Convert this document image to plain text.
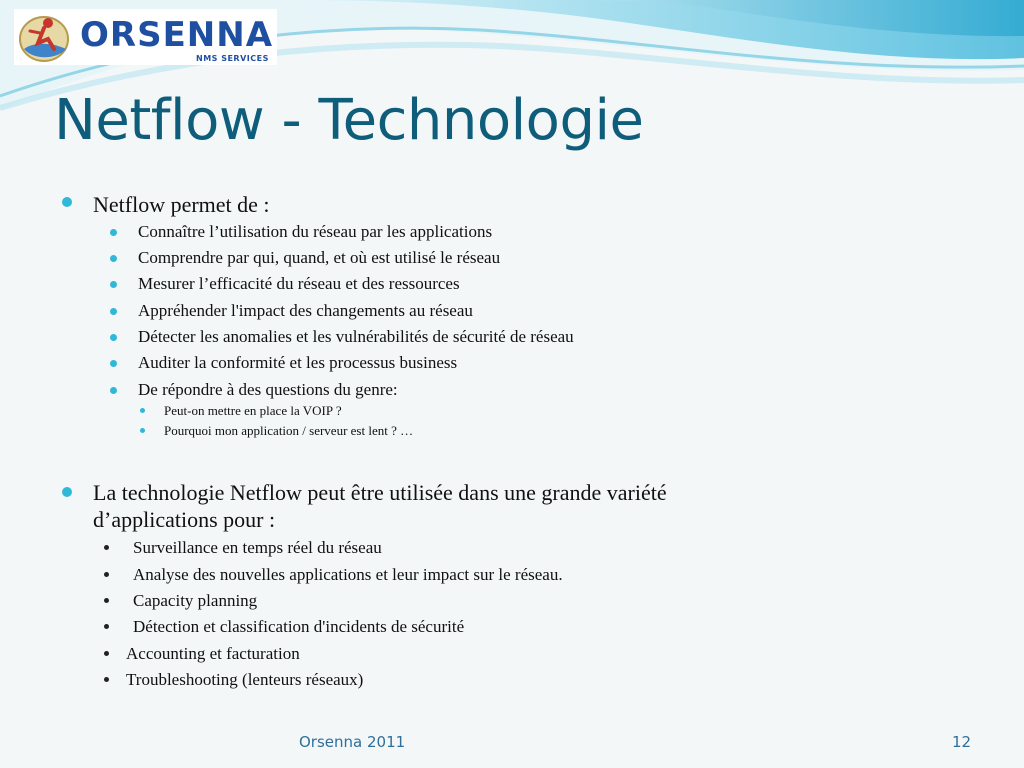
ORSENNA
NMS SERVICES
Netflow - Technologie
Netflow permet de :
Connaître l’utilisation du réseau par les applications
Comprendre par qui, quand, et où est utilisé le réseau
Mesurer l’efficacité du réseau et des ressources
Appréhender l'impact des changements au réseau
Détecter les anomalies et les vulnérabilités de sécurité de réseau
Auditer la conformité et les processus business
De répondre à des questions du genre:
Peut-on mettre en place la VOIP ?
Pourquoi mon application / serveur est lent ? …
La technologie Netflow peut être utilisée dans une grande variété
d’applications pour :
Surveillance en temps réel du réseau
Analyse des nouvelles applications et leur impact sur le réseau.
Capacity planning
Détection et classification d'incidents de sécurité
Accounting et facturation
Troubleshooting (lenteurs réseaux)
Orsenna 2011	12
